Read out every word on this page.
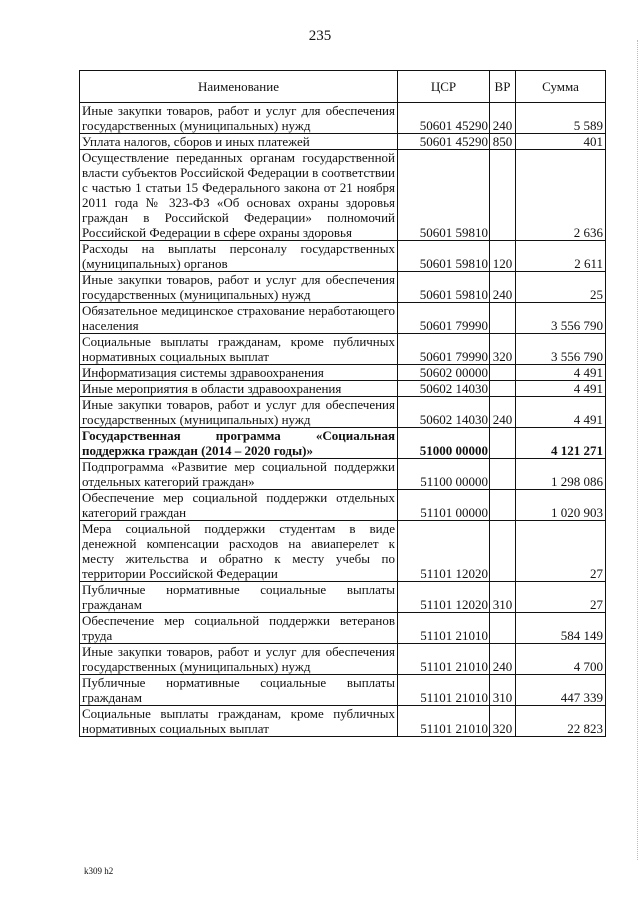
235
Наименование	ЦСР	ВР	Сумма
Иные закупки товаров, работ и услуг для обеспечения государственных (муниципальных) нужд	50601 45290	240	5 589
Уплата налогов, сборов и иных платежей	50601 45290	850	401
Осуществление переданных органам государственной власти субъектов Российской Федерации в соответствии с частью 1 статьи 15 Федерального закона от 21 ноября 2011 года № 323-ФЗ «Об основах охраны здоровья граждан в Российской Федерации» полномочий Российской Федерации в сфере охраны здоровья	50601 59810		2 636
Расходы на выплаты персоналу государственных (муниципальных) органов	50601 59810	120	2 611
Иные закупки товаров, работ и услуг для обеспечения государственных (муниципальных) нужд	50601 59810	240	25
Обязательное медицинское страхование неработающего населения	50601 79990		3 556 790
Социальные выплаты гражданам, кроме публичных нормативных социальных выплат	50601 79990	320	3 556 790
Информатизация системы здравоохранения	50602 00000		4 491
Иные мероприятия в области здравоохранения	50602 14030		4 491
Иные закупки товаров, работ и услуг для обеспечения государственных (муниципальных) нужд	50602 14030	240	4 491
Государственная программа «Социальная поддержка граждан (2014 – 2020 годы)»	51000 00000		4 121 271
Подпрограмма «Развитие мер социальной поддержки отдельных категорий граждан»	51100 00000		1 298 086
Обеспечение мер социальной поддержки отдельных категорий граждан	51101 00000		1 020 903
Мера социальной поддержки студентам в виде денежной компенсации расходов на авиаперелет к месту жительства и обратно к месту учебы по территории Российской Федерации	51101 12020		27
Публичные нормативные социальные выплаты гражданам	51101 12020	310	27
Обеспечение мер социальной поддержки ветеранов труда	51101 21010		584 149
Иные закупки товаров, работ и услуг для обеспечения государственных (муниципальных) нужд	51101 21010	240	4 700
Публичные нормативные социальные выплаты гражданам	51101 21010	310	447 339
Социальные выплаты гражданам, кроме публичных нормативных социальных выплат	51101 21010	320	22 823
k309 h2
